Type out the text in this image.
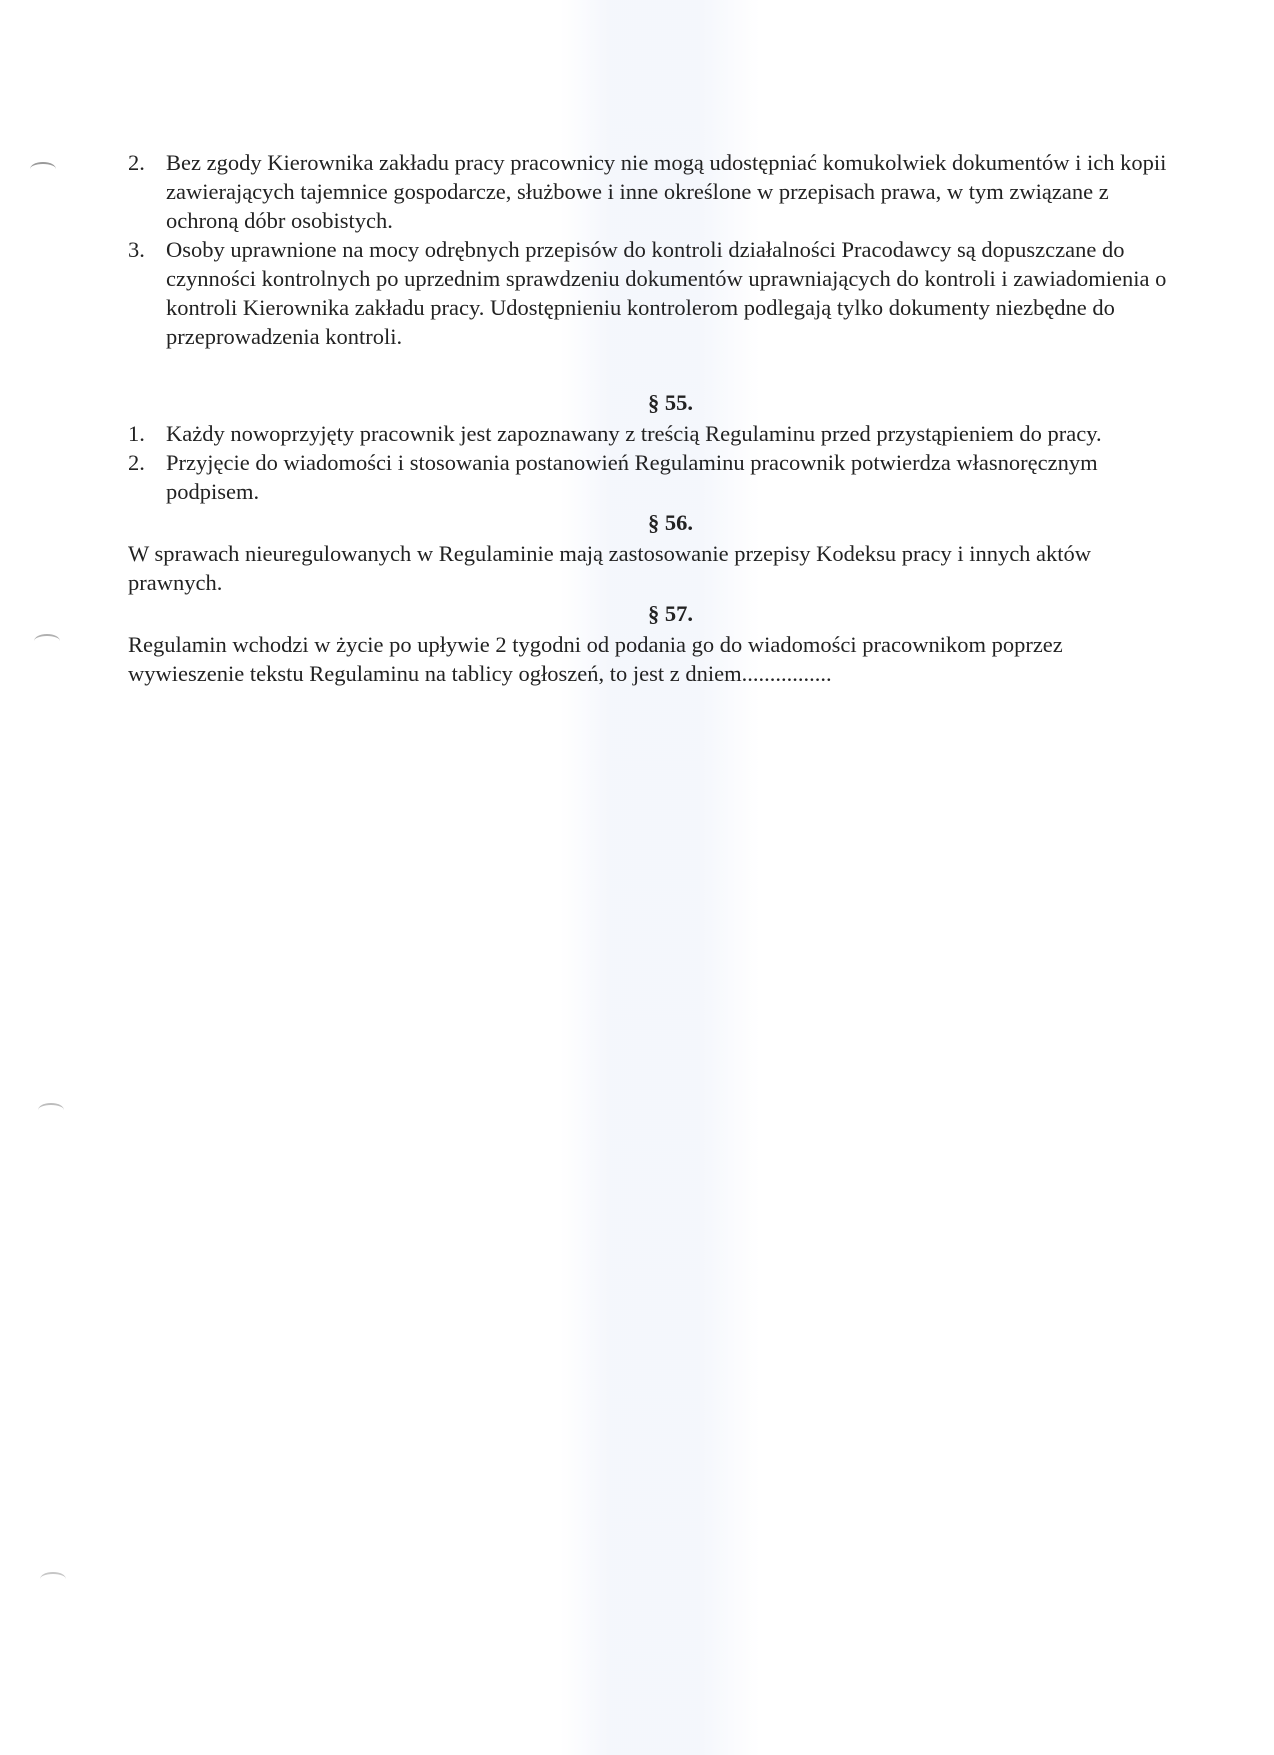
2. Bez zgody Kierownika zakładu pracy pracownicy nie mogą udostępniać komukolwiek dokumentów i ich kopii zawierających tajemnice gospodarcze, służbowe i inne określone w przepisach prawa, w tym związane z ochroną dóbr osobistych.
3. Osoby uprawnione na mocy odrębnych przepisów do kontroli działalności Pracodawcy są dopuszczane do czynności kontrolnych po uprzednim sprawdzeniu dokumentów uprawniających do kontroli i zawiadomienia o kontroli Kierownika zakładu pracy. Udostępnieniu kontrolerom podlegają tylko dokumenty niezbędne do przeprowadzenia kontroli.
§ 55.
1. Każdy nowoprzyjęty pracownik jest zapoznawany z treścią Regulaminu przed przystąpieniem do pracy.
2. Przyjęcie do wiadomości i stosowania postanowień Regulaminu pracownik potwierdza własnoręcznym podpisem.
§ 56.

W sprawach nieuregulowanych w Regulaminie mają zastosowanie przepisy Kodeksu pracy i innych aktów prawnych.

§ 57.

Regulamin wchodzi w życie po upływie 2 tygodni od podania go do wiadomości pracownikom poprzez wywieszenie tekstu Regulaminu na tablicy ogłoszeń, to jest z dniem................
